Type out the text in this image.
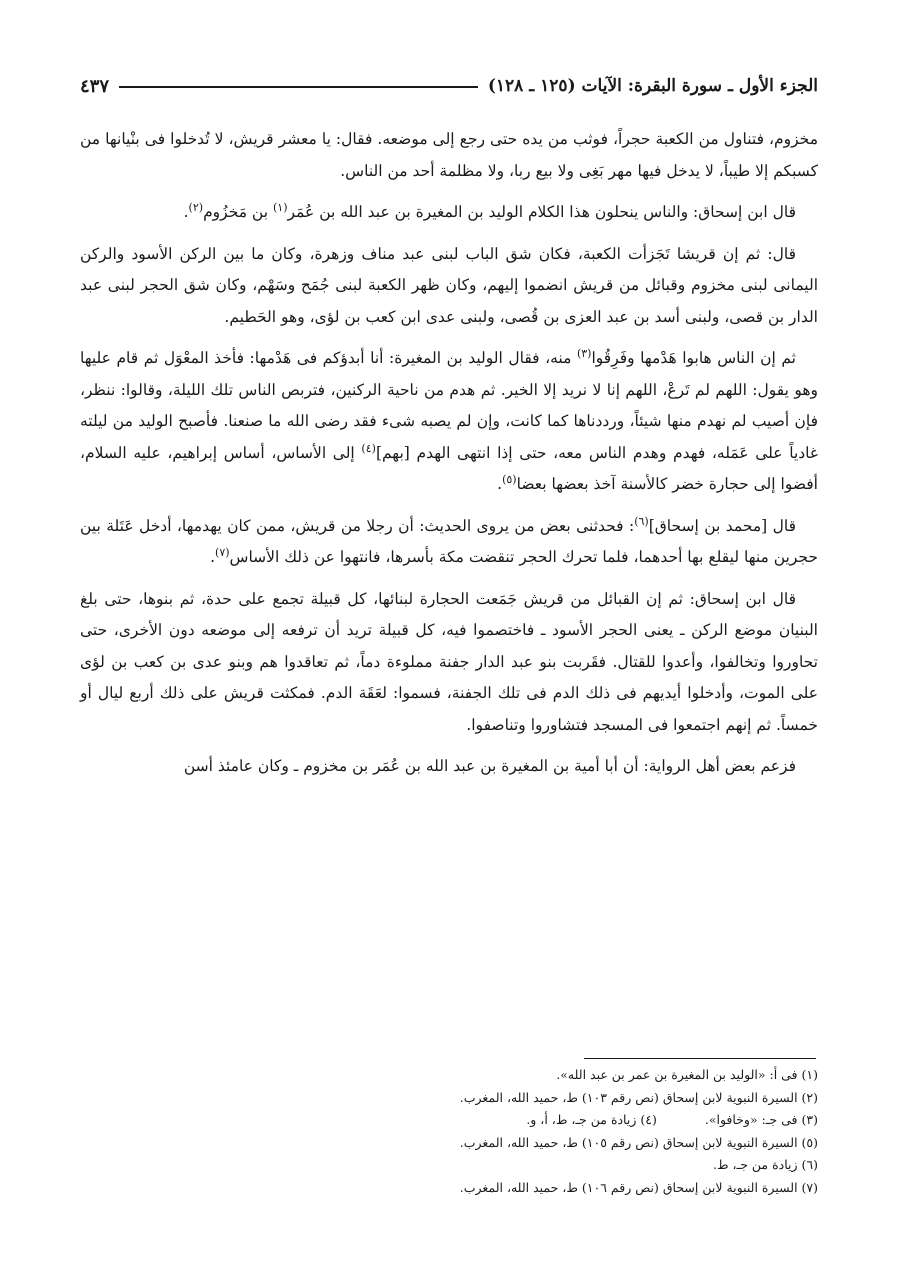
الجزء الأول ـ سورة البقرة: الآيات (١٢٥ ـ ١٢٨)
٤٣٧

مخزوم، فتناول من الكعبة حجراً، فوثب من يده حتى رجع إلى موضعه. فقال: يا معشر قريش، لا تُدخلوا فى بنْيانها من كسبكم إلا طيباً، لا يدخل فيها مهر بَغِى ولا بيع ربا، ولا مظلمة أحد من الناس.

قال ابن إسحاق: والناس ينحلون هذا الكلام الوليد بن المغيرة بن عبد الله بن عُمَر$^{(١)}$ بن مَخزُوم$^{(٢)}$.

قال: ثم إن قريشا تَجَزأت الكعبة، فكان شق الباب لبنى عبد مناف وزهرة، وكان ما بين الركن الأسود والركن اليمانى لبنى مخزوم وقبائل من قريش انضموا إليهم، وكان ظهر الكعبة لبنى جُمَح وسَهْم، وكان شق الحجر لبنى عبد الدار بن قصى، ولبنى أسد بن عبد العزى بن قُصى، ولبنى عدى ابن كعب بن لؤى، وهو الحَطيم.

ثم إن الناس هابوا هَدْمها وفَرِقُوا$^{(٣)}$ منه، فقال الوليد بن المغيرة: أنا أبدؤكم فى هَدْمها: فأخذ المعْوَل ثم قام عليها وهو يقول: اللهم لم تَرعْ، اللهم إنا لا نريد إلا الخير. ثم هدم من ناحية الركنين، فتربص الناس تلك الليلة، وقالوا: ننظر، فإن أصيب لم نهدم منها شيئاً، ورددناها كما كانت، وإن لم يصبه شىء فقد رضى الله ما صنعنا. فأصبح الوليد من ليلته غادياً على عَمَله، فهدم وهدم الناس معه، حتى إذا انتهى الهدم [بهم]$^{(٤)}$ إلى الأساس، أساس إبراهيم، عليه السلام، أفضوا إلى حجارة خضر كالأسنة آخذ بعضها بعضا$^{(٥)}$.

قال [محمد بن إسحاق]$^{(٦)}$: فحدثنى بعض من يروى الحديث: أن رجلا من قريش، ممن كان يهدمها، أدخل عَتَلة بين حجرين منها ليقلع بها أحدهما، فلما تحرك الحجر تنقضت مكة بأسرها، فانتهوا عن ذلك الأساس$^{(٧)}$.

قال ابن إسحاق: ثم إن القبائل من قريش جَمَعت الحجارة لبنائها، كل قبيلة تجمع على حدة، ثم بنوها، حتى بلغ البنيان موضع الركن ـ يعنى الحجر الأسود ـ فاختصموا فيه، كل قبيلة تريد أن ترفعه إلى موضعه دون الأخرى، حتى تحاوروا وتخالفوا، وأعدوا للقتال. فقَربت بنو عبد الدار جفنة مملوءة دماً، ثم تعاقدوا هم وبنو عدى بن كعب بن لؤى على الموت، وأدخلوا أيديهم فى ذلك الدم فى تلك الجفنة، فسموا: لعَقَة الدم. فمكثت قريش على ذلك أربع ليال أو خمساً. ثم إنهم اجتمعوا فى المسجد فتشاوروا وتناصفوا.

فزعم بعض أهل الرواية: أن أبا أمية بن المغيرة بن عبد الله بن عُمَر بن مخزوم ـ وكان عامئذ أسن

(١) فى أ: «الوليد بن المغيرة بن عمر بن عبد الله».
(٢) السيرة النبوية لابن إسحاق (نص رقم ١٠٣) ط، حميد الله، المغرب.
(٣) فى جـ: «وخافوا».(٤) زيادة من جـ، ط، أ، و.
(٥) السيرة النبوية لابن إسحاق (نص رقم ١٠٥) ط، حميد الله، المغرب.
(٦) زيادة من جـ، ط.
(٧) السيرة النبوية لابن إسحاق (نص رقم ١٠٦) ط، حميد الله، المغرب.
